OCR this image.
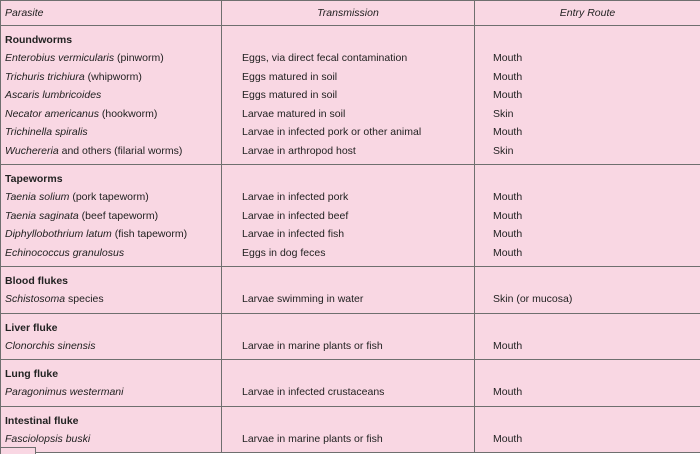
Parasite	Transmission	Entry Route
Roundworms		
Enterobius vermicularis (pinworm)	Eggs, via direct fecal contamination	Mouth
Trichuris trichiura (whipworm)	Eggs matured in soil	Mouth
Ascaris lumbricoides	Eggs matured in soil	Mouth
Necator americanus (hookworm)	Larvae matured in soil	Skin
Trichinella spiralis	Larvae in infected pork or other animal	Mouth
Wuchereria and others (filarial worms)	Larvae in arthropod host	Skin
Tapeworms		
Taenia solium (pork tapeworm)	Larvae in infected pork	Mouth
Taenia saginata (beef tapeworm)	Larvae in infected beef	Mouth
Diphyllobothrium latum (fish tapeworm)	Larvae in infected fish	Mouth
Echinococcus granulosus	Eggs in dog feces	Mouth
Blood flukes		
Schistosoma species	Larvae swimming in water	Skin (or mucosa)
Liver fluke		
Clonorchis sinensis	Larvae in marine plants or fish	Mouth
Lung fluke		
Paragonimus westermani	Larvae in infected crustaceans	Mouth
Intestinal fluke		
Fasciolopsis buski	Larvae in marine plants or fish	Mouth
